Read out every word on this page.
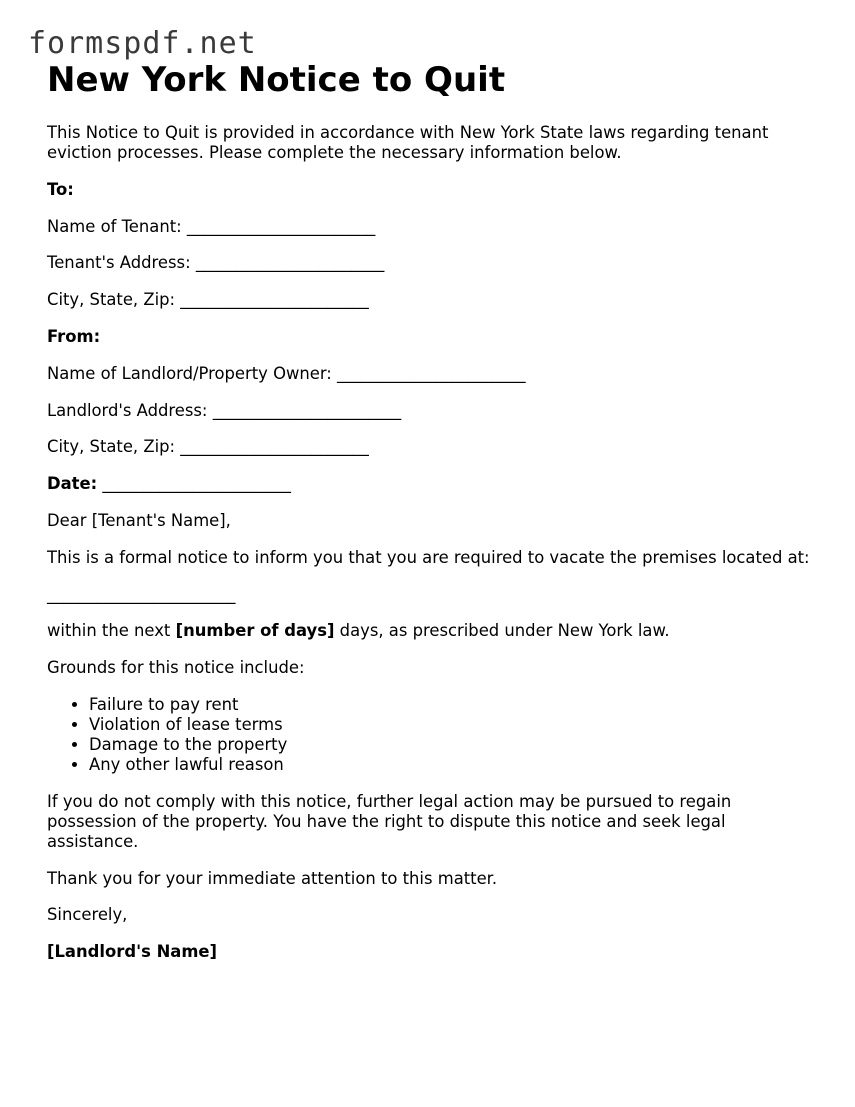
formspdf.net
New York Notice to Quit

This Notice to Quit is provided in accordance with New York State laws regarding tenant eviction processes. Please complete the necessary information below.

To:

Name of Tenant: _______________________

Tenant's Address: _______________________

City, State, Zip: _______________________

From:

Name of Landlord/Property Owner: _______________________

Landlord's Address: _______________________

City, State, Zip: _______________________

Date: _______________________

Dear [Tenant's Name],

This is a formal notice to inform you that you are required to vacate the premises located at:

_______________________

within the next [number of days] days, as prescribed under New York law.

Grounds for this notice include:

• Failure to pay rent
• Violation of lease terms
• Damage to the property
• Any other lawful reason

If you do not comply with this notice, further legal action may be pursued to regain possession of the property. You have the right to dispute this notice and seek legal assistance.

Thank you for your immediate attention to this matter.

Sincerely,

[Landlord's Name]
